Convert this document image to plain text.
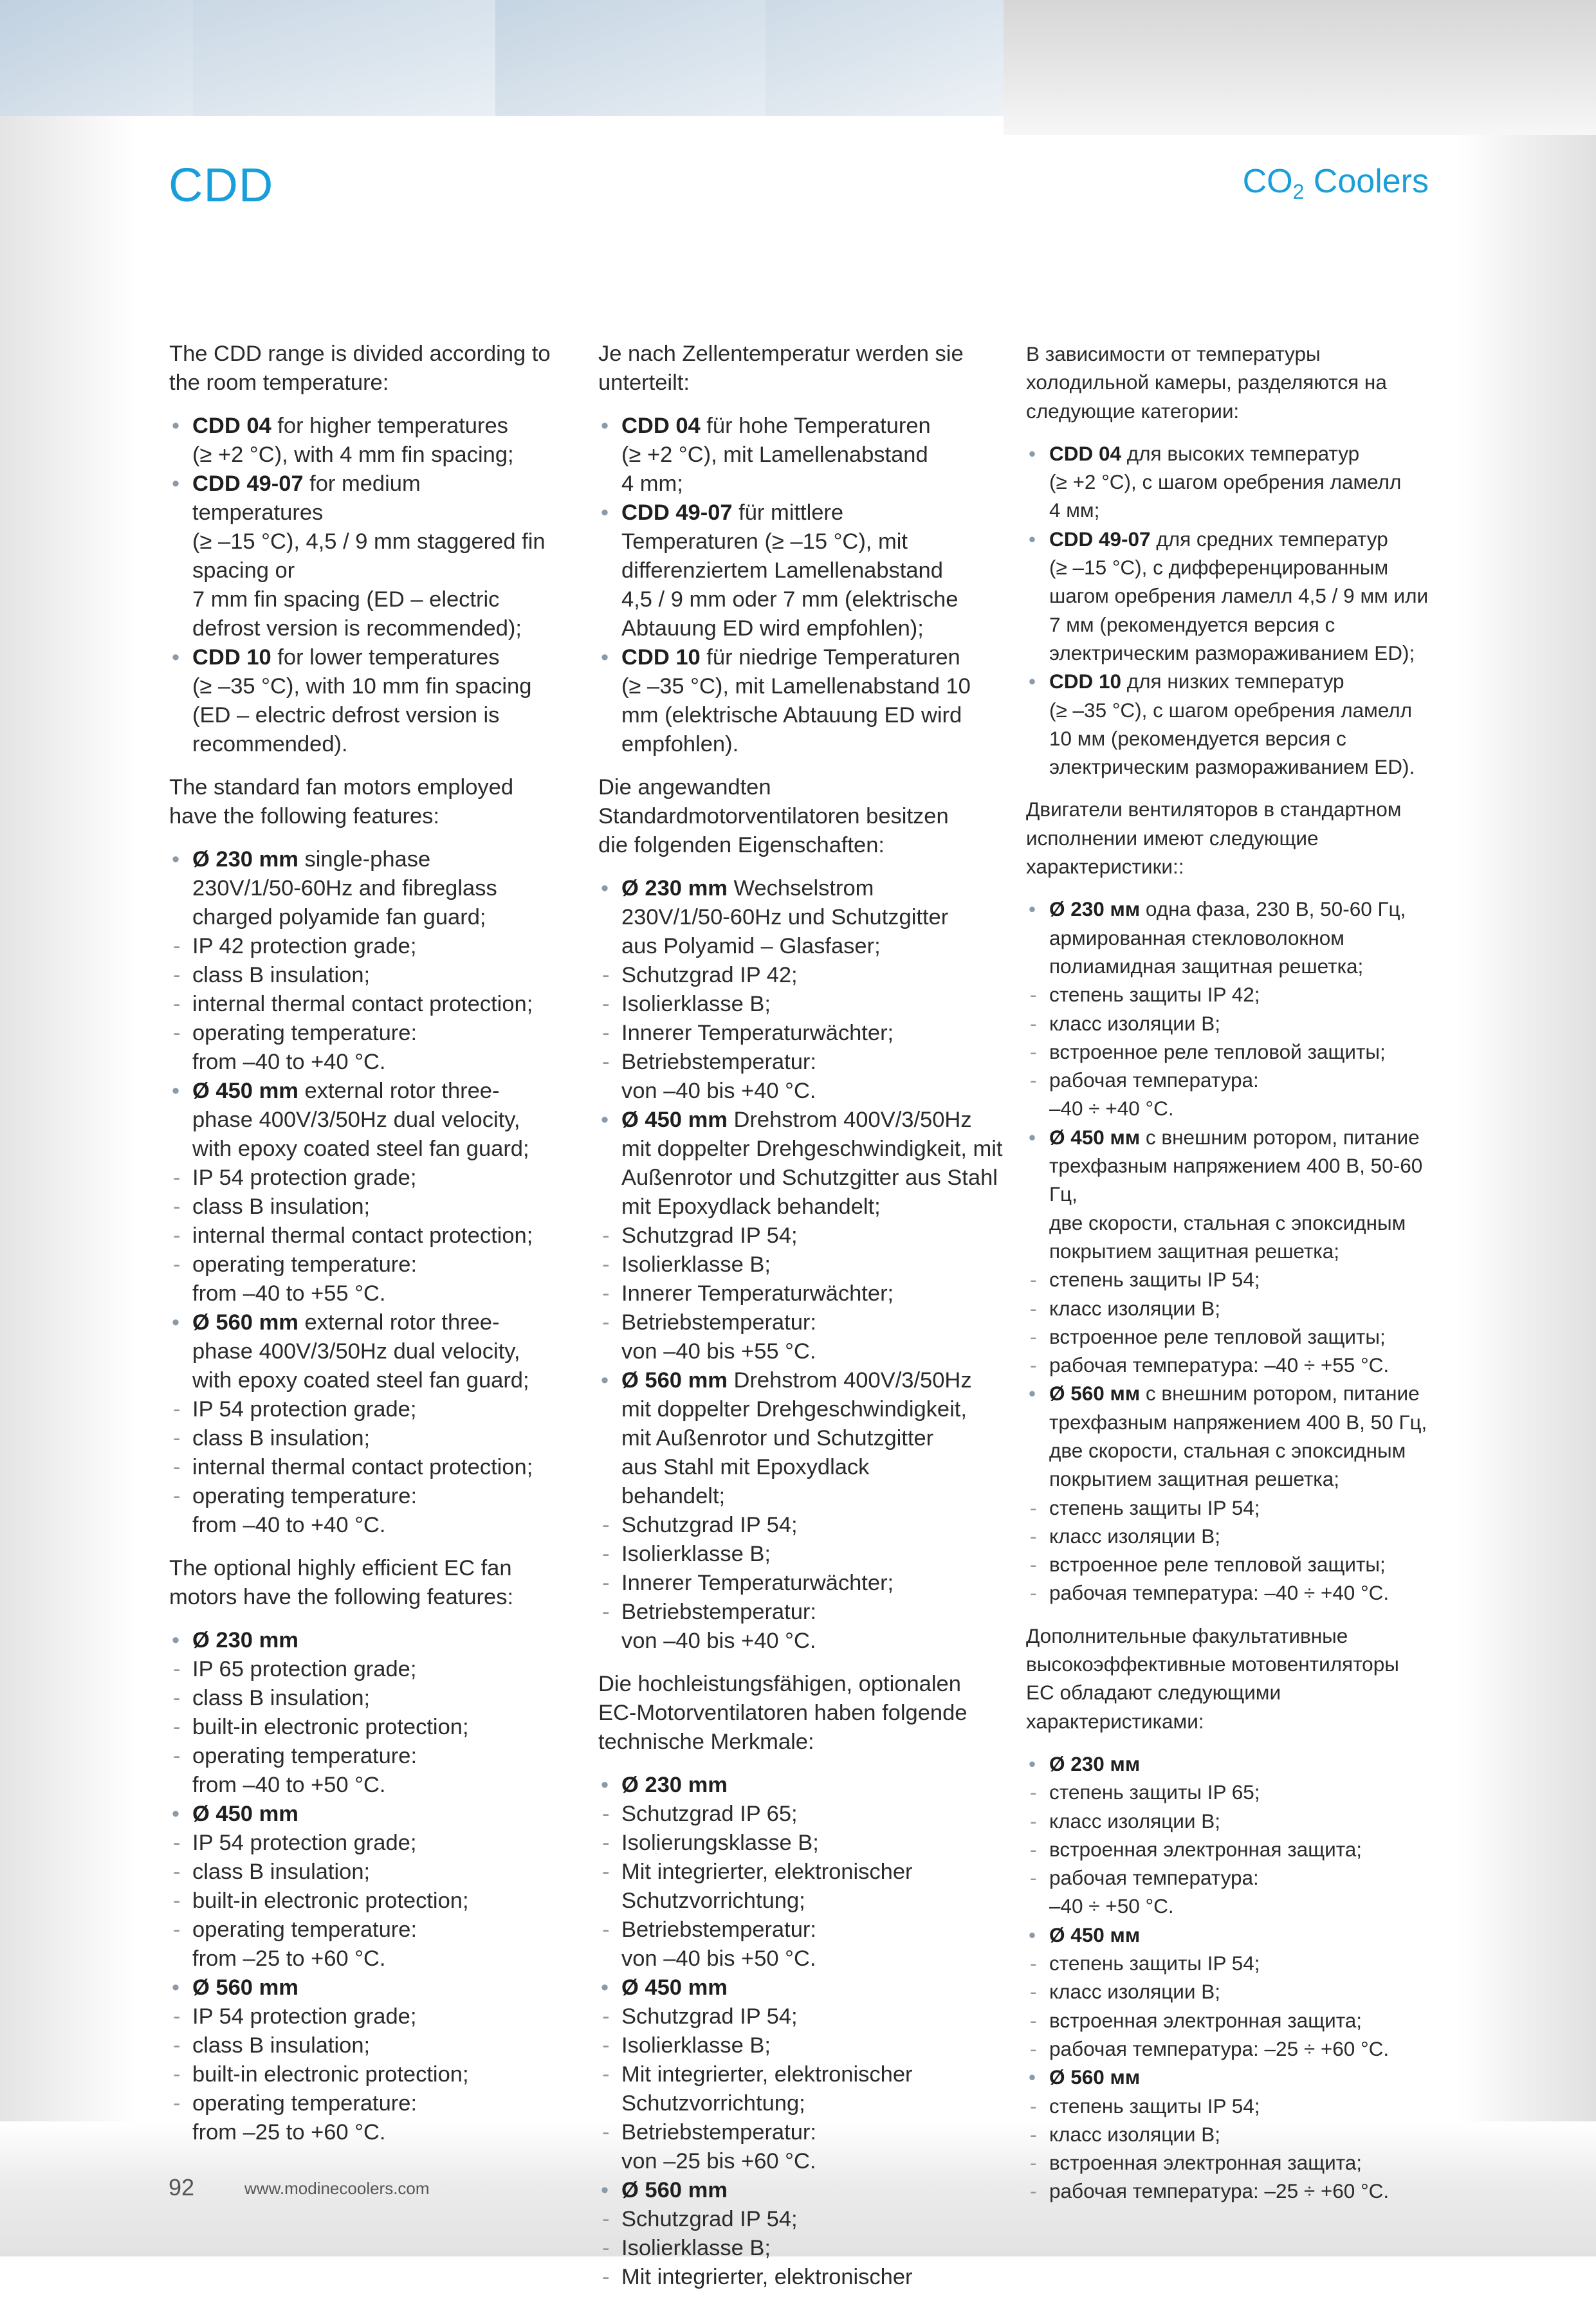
CDD	$CO_2$ Coolers

The CDD range is divided according to
the room temperature:

• CDD 04 for higher temperatures
(≥ +2 °C), with 4 mm fin spacing;
• CDD 49-07 for medium
temperatures
(≥ –15 °C), 4,5 / 9 mm staggered fin
spacing or
7 mm fin spacing (ED – electric
defrost version is recommended);
• CDD 10 for lower temperatures
(≥ –35 °C), with 10 mm fin spacing
(ED – electric defrost version is
recommended).

The standard fan motors employed
have the following features:

• Ø 230 mm single-phase
230V/1/50-60Hz and fibreglass
charged polyamide fan guard;
- IP 42 protection grade;
- class B insulation;
- internal thermal contact protection;
- operating temperature:
from –40 to +40 °C.
• Ø 450 mm external rotor three-
phase 400V/3/50Hz dual velocity,
with epoxy coated steel fan guard;
- IP 54 protection grade;
- class B insulation;
- internal thermal contact protection;
- operating temperature:
from –40 to +55 °C.
• Ø 560 mm external rotor three-
phase 400V/3/50Hz dual velocity,
with epoxy coated steel fan guard;
- IP 54 protection grade;
- class B insulation;
- internal thermal contact protection;
- operating temperature:
from –40 to +40 °C.

The optional highly efficient EC fan
motors have the following features:

• Ø 230 mm
- IP 65 protection grade;
- class B insulation;
- built-in electronic protection;
- operating temperature:
from –40 to +50 °C.
• Ø 450 mm
- IP 54 protection grade;
- class B insulation;
- built-in electronic protection;
- operating temperature:
from –25 to +60 °C.
• Ø 560 mm
- IP 54 protection grade;
- class B insulation;
- built-in electronic protection;
- operating temperature:
from –25 to +60 °C.

Je nach Zellentemperatur werden sie
unterteilt:

• CDD 04 für hohe Temperaturen
(≥ +2 °C), mit Lamellenabstand
4 mm;
• CDD 49-07 für mittlere
Temperaturen (≥ –15 °C), mit
differenziertem Lamellenabstand
4,5 / 9 mm oder 7 mm (elektrische
Abtauung ED wird empfohlen);
• CDD 10 für niedrige Temperaturen
(≥ –35 °C), mit Lamellenabstand 10
mm (elektrische Abtauung ED wird
empfohlen).

Die angewandten
Standardmotorventilatoren besitzen
die folgenden Eigenschaften:

• Ø 230 mm Wechselstrom
230V/1/50-60Hz und Schutzgitter
aus Polyamid – Glasfaser;
- Schutzgrad IP 42;
- Isolierklasse B;
- Innerer Temperaturwächter;
- Betriebstemperatur:
von –40 bis +40 °C.
• Ø 450 mm Drehstrom 400V/3/50Hz
mit doppelter Drehgeschwindigkeit, mit
Außenrotor und Schutzgitter aus Stahl
mit Epoxydlack behandelt;
- Schutzgrad IP 54;
- Isolierklasse B;
- Innerer Temperaturwächter;
- Betriebstemperatur:
von –40 bis +55 °C.
• Ø 560 mm Drehstrom 400V/3/50Hz
mit doppelter Drehgeschwindigkeit,
mit Außenrotor und Schutzgitter
aus Stahl mit Epoxydlack
behandelt;
- Schutzgrad IP 54;
- Isolierklasse B;
- Innerer Temperaturwächter;
- Betriebstemperatur:
von –40 bis +40 °C.

Die hochleistungsfähigen, optionalen
EC-Motorventilatoren haben folgende
technische Merkmale:

• Ø 230 mm
- Schutzgrad IP 65;
- Isolierungsklasse B;
- Mit integrierter, elektronischer
Schutzvorrichtung;
- Betriebstemperatur:
von –40 bis +50 °C.
• Ø 450 mm
- Schutzgrad IP 54;
- Isolierklasse B;
- Mit integrierter, elektronischer
Schutzvorrichtung;
- Betriebstemperatur:
von –25 bis +60 °C.
• Ø 560 mm
- Schutzgrad IP 54;
- Isolierklasse B;
- Mit integrierter, elektronischer

В зависимости от температуры
холодильной камеры, разделяются на
следующие категории:

• CDD 04 для высоких температур
(≥ +2 °C), с шагом оребрения ламелл
4 мм;
• CDD 49-07 для средних температур
(≥ –15 °C), с дифференцированным
шагом оребрения ламелл 4,5 / 9 мм или
7 мм (рекомендуется версия с
электрическим размораживанием ED);
• CDD 10 для низких температур
(≥ –35 °C), с шагом оребрения ламелл
10 мм (рекомендуется версия с
электрическим размораживанием ED).

Двигатели вентиляторов в стандартном
исполнении имеют следующие
характеристики::

• Ø 230 мм одна фаза, 230 В, 50-60 Гц,
армированная стекловолокном
полиамидная защитная решетка;
- степень защиты IP 42;
- класс изоляции B;
- встроенное реле тепловой защиты;
- рабочая температура:
–40 ÷ +40 °C.
• Ø 450 мм с внешним ротором, питание
трехфазным напряжением 400 В, 50-60 Гц,
две скорости, стальная с эпоксидным
покрытием защитная решетка;
- степень защиты IP 54;
- класс изоляции B;
- встроенное реле тепловой защиты;
- рабочая температура: –40 ÷ +55 °C.
• Ø 560 мм с внешним ротором, питание
трехфазным напряжением 400 В, 50 Гц,
две скорости, стальная с эпоксидным
покрытием защитная решетка;
- степень защиты IP 54;
- класс изоляции B;
- встроенное реле тепловой защиты;
- рабочая температура: –40 ÷ +40 °C.

Дополнительные факультативные
высокоэффективные мотовентиляторы
EC обладают следующими
характеристиками:

• Ø 230 мм
- степень защиты IP 65;
- класс изоляции B;
- встроенная электронная защита;
- рабочая температура:
–40 ÷ +50 °C.
• Ø 450 мм
- степень защиты IP 54;
- класс изоляции B;
- встроенная электронная защита;
- рабочая температура: –25 ÷ +60 °C.
• Ø 560 мм
- степень защиты IP 54;
- класс изоляции B;
- встроенная электронная защита;
- рабочая температура: –25 ÷ +60 °C.
92	www.modinecoolers.com
